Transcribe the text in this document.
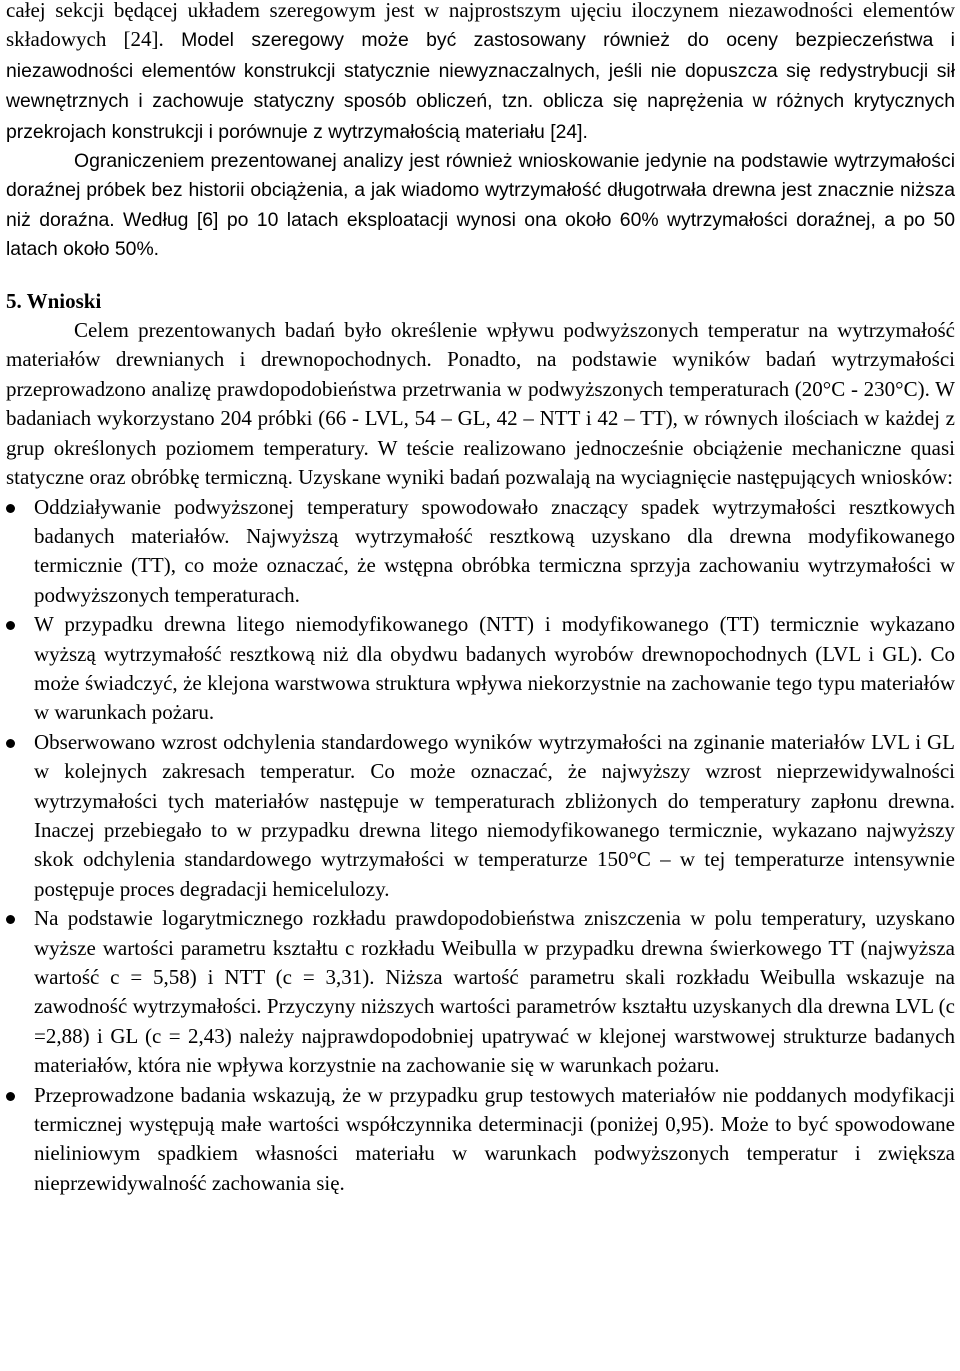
całej sekcji będącej układem szeregowym jest w najprostszym ujęciu iloczynem niezawodności elementów składowych [24]. Model szeregowy może być zastosowany również do oceny bezpieczeństwa i niezawodności elementów konstrukcji statycznie niewyznaczalnych, jeśli nie dopuszcza się redystrybucji sił wewnętrznych i zachowuje statyczny sposób obliczeń, tzn. oblicza się naprężenia w różnych krytycznych przekrojach konstrukcji i porównuje z wytrzymałością materiału [24].

Ograniczeniem prezentowanej analizy jest również wnioskowanie jedynie na podstawie wytrzymałości doraźnej próbek bez historii obciążenia, a jak wiadomo wytrzymałość długotrwała drewna jest znacznie niższa niż doraźna. Według [6] po 10 latach eksploatacji wynosi ona około 60% wytrzymałości doraźnej, a po 50 latach około 50%.

5. Wnioski

Celem prezentowanych badań było określenie wpływu podwyższonych temperatur na wytrzymałość materiałów drewnianych i drewnopochodnych. Ponadto, na podstawie wyników badań wytrzymałości przeprowadzono analizę prawdopodobieństwa przetrwania w podwyższonych temperaturach (20°C - 230°C). W badaniach wykorzystano 204 próbki (66 - LVL, 54 – GL, 42 – NTT i 42 – TT), w równych ilościach w każdej z grup określonych poziomem temperatury. W teście realizowano jednocześnie obciążenie mechaniczne quasi statyczne oraz obróbkę termiczną. Uzyskane wyniki badań pozwalają na wyciagnięcie następujących wniosków:

Oddziaływanie podwyższonej temperatury spowodowało znaczący spadek wytrzymałości resztkowych badanych materiałów. Najwyższą wytrzymałość resztkową uzyskano dla drewna modyfikowanego termicznie (TT), co może oznaczać, że wstępna obróbka termiczna sprzyja zachowaniu wytrzymałości w podwyższonych temperaturach.
W przypadku drewna litego niemodyfikowanego (NTT) i modyfikowanego (TT) termicznie wykazano wyższą wytrzymałość resztkową niż dla obydwu badanych wyrobów drewnopochodnych (LVL i GL). Co może świadczyć, że klejona warstwowa struktura wpływa niekorzystnie na zachowanie tego typu materiałów w warunkach pożaru.
Obserwowano wzrost odchylenia standardowego wyników wytrzymałości na zginanie materiałów LVL i GL w kolejnych zakresach temperatur. Co może oznaczać, że najwyższy wzrost nieprzewidywalności wytrzymałości tych materiałów następuje w temperaturach zbliżonych do temperatury zapłonu drewna. Inaczej przebiegało to w przypadku drewna litego niemodyfikowanego termicznie, wykazano najwyższy skok odchylenia standardowego wytrzymałości w temperaturze 150°C – w tej temperaturze intensywnie postępuje proces degradacji hemicelulozy.
Na podstawie logarytmicznego rozkładu prawdopodobieństwa zniszczenia w polu temperatury, uzyskano wyższe wartości parametru kształtu c rozkładu Weibulla w przypadku drewna świerkowego TT (najwyższa wartość c = 5,58) i NTT (c = 3,31). Niższa wartość parametru skali rozkładu Weibulla wskazuje na zawodność wytrzymałości. Przyczyny niższych wartości parametrów kształtu uzyskanych dla drewna LVL (c =2,88) i GL (c = 2,43) należy najprawdopodobniej upatrywać w klejonej warstwowej strukturze badanych materiałów, która nie wpływa korzystnie na zachowanie się w warunkach pożaru.
Przeprowadzone badania wskazują, że w przypadku grup testowych materiałów nie poddanych modyfikacji termicznej występują małe wartości współczynnika determinacji (poniżej 0,95). Może to być spowodowane nieliniowym spadkiem własności materiału w warunkach podwyższonych temperatur i zwiększa nieprzewidywalność zachowania się.
